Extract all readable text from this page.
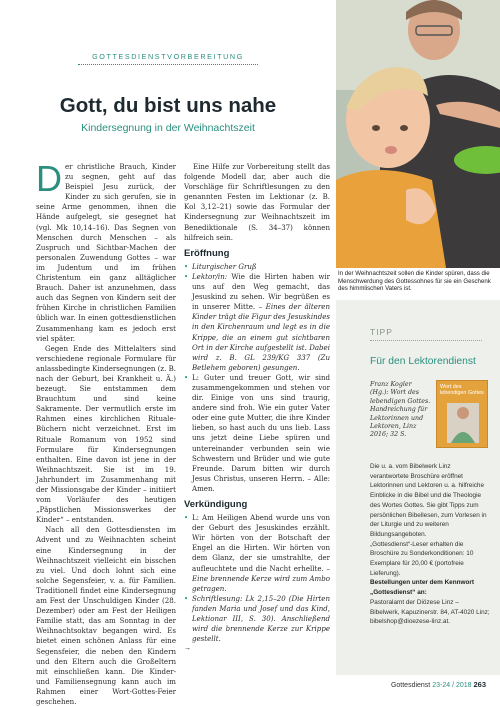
GOTTESDIENSTVORBEREITUNG
Gott, du bist uns nahe
Kindersegnung in der Weihnachtszeit

Der christliche Brauch, Kinder zu segnen, geht auf das Beispiel Jesu zurück, der Kinder zu sich gerufen, sie in seine Arme genommen, ihnen die Hände aufgelegt, sie gesegnet hat (vgl. Mk 10,14–16). Das Segnen von Menschen durch Menschen – als Zuspruch und Sichtbar-Machen der personalen Zuwendung Gottes – war im Judentum und im frühen Christentum ein ganz alltäglicher Brauch. Daher ist anzunehmen, dass auch das Segnen von Kindern seit der frühen Kirche in christlichen Familien üblich war. In einen gottesdienstlichen Zusammenhang kam es jedoch erst viel später.

Gegen Ende des Mittelalters sind verschiedene regionale Formulare für anlassbedingte Kindersegnungen (z. B. nach der Geburt, bei Krankheit u. Ä.) bezeugt. Sie entstammen dem Brauchtum und sind keine Sakramente. Der vermutlich erste im Rahmen eines kirchlichen Rituale-Büchern nicht verzeichnet. Erst im Rituale Romanum von 1952 sind Formulare für Kindersegnungen enthalten. Eine davon ist jene in der Weihnachtszeit. Sie ist im 19. Jahrhundert im Zusammenhang mit der Missionsgabe der Kinder – initiiert vom Vorläufer des heutigen „Päpstlichen Missionswerkes der Kinder“ – entstanden.

Nach all den Gottesdiensten im Advent und zu Weihnachten scheint eine Kindersegnung in der Weihnachtszeit vielleicht ein bisschen zu viel. Und doch lohnt sich eine solche Segensfeier, v. a. für Familien. Traditionell findet eine Kindersegnung am Fest der Unschuldigen Kinder (28. Dezember) oder am Fest der Heiligen Familie statt, das am Sonntag in der Weihnachtsoktav begangen wird. Es bietet einen schönen Anlass für eine Segensfeier, die neben den Kindern und den Eltern auch die Großeltern mit einschließen kann. Die Kinder- und Familiensegnung kann auch im Rahmen einer Wort-Gottes-Feier geschehen.

Eine Hilfe zur Vorbereitung stellt das folgende Modell dar, aber auch die Vorschläge für Schriftlesungen zu den genannten Festen im Lektionar (z. B. Kol 3,12–21) sowie das Formular der Kindersegnung zur Weihnachtszeit im Benediktionale (S. 34–37) können hilfreich sein.

Eröffnung

• Liturgischer Gruß

• Lektor/in: Wie die Hirten haben wir uns auf den Weg gemacht, das Jesuskind zu sehen. Wir begrüßen es in unserer Mitte. – Eines der älteren Kinder trägt die Figur des Jesuskindes in den Kirchenraum und legt es in die Krippe, die an einem gut sichtbaren Ort in der Kirche aufgestellt ist. Dabei wird z. B. GL 239/KG 337 (Zu Betlehem geboren) gesungen.

• L: Guter und treuer Gott, wir sind zusammengekommen und stehen vor dir. Einige von uns sind traurig, andere sind froh. Wie ein guter Vater oder eine gute Mutter, die ihre Kinder lieben, so hast auch du uns lieb. Lass uns jetzt deine Liebe spüren und untereinander verbunden sein wie Schwestern und Brüder und wie gute Freunde. Darum bitten wir durch Jesus Christus, unseren Herrn. – Alle: Amen.

Verkündigung

• L: Am Heiligen Abend wurde uns von der Geburt des Jesuskindes erzählt. Wir hörten von der Botschaft der Engel an die Hirten. Wir hörten von dem Glanz, der sie umstrahlte, der aufleuchtete und die Nacht erhellte. – Eine brennende Kerze wird zum Ambo getragen.

• Schriftlesung: Lk 2,15–20 (Die Hirten fanden Maria und Josef und das Kind, Lektionar III, S. 30). Anschließend wird die brennende Kerze zur Krippe gestellt.

→

In der Weihnachtszeit sollen die Kinder spüren, dass die Menschwerdung des Gottessohnes für sie ein Geschenk des himmlischen Vaters ist.
TIPP
Für den Lektorendienst
Franz Kogler (Hg.): Wort des lebendigen Gottes. Handreichung für Lektorinnen und Lektoren, Linz 2016; 32 S.
Wort des lebendigen Gottes

Die u. a. vom Bibelwerk Linz verantwortete Broschüre eröffnet Lektorinnen und Lektoren u. a. hilfreiche Einblicke in die Bibel und die Theologie des Wortes Gottes. Sie gibt Tipps zum persönlichen Bibellesen, zum Vorlesen in der Liturgie und zu weiteren Bildungsangeboten.

„Gottesdienst“-Leser erhalten die Broschüre zu Sonderkonditionen: 10 Exemplare für 20,00 € (portofreie Lieferung).

Bestellungen unter dem Kennwort „Gottesdienst“ an:

Pastoralamt der Diözese Linz – Bibelwerk, Kapuzinerstr. 84, AT-4020 Linz; bibelshop@dioezese-linz.at.

Gottesdienst 23-24 / 2018 263
